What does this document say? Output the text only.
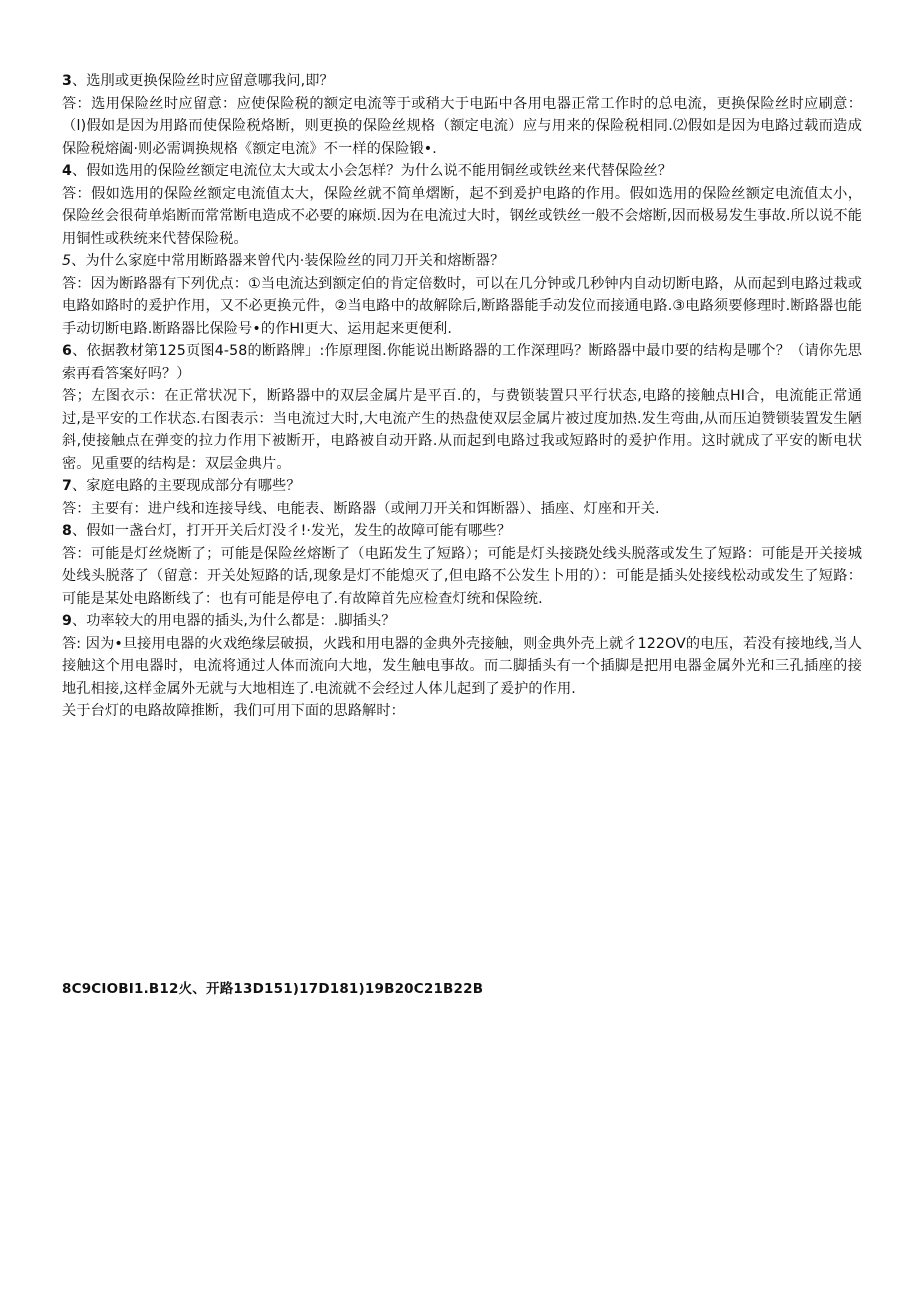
3、选刖或更换保险丝时应留意哪我问,即？

答：选用保险丝时应留意：应使保险税的额定电流等于或稍大于电跖中各用电器正常工作时的总电流，更换保险丝时应刷意：（l)假如是因为用路而使保险税烙断，则更换的保险丝规格（额定电流）应与用来的保险税相同.⑵假如是因为电路过载而造成保险税熔阖·则必需调换规格《额定电流》不一样的保险锻•.

4、假如选用的保险丝额定电流位太大或太小会怎样？为什么说不能用铜丝或铁丝来代替保险丝？

答：假如选用的保险丝额定电流值太大，保险丝就不简单熠断，起不到爰护电路的作用。假如选用的保险丝额定电流值太小，保险丝会很荷单焰断而常常断电造成不必要的麻烦.因为在电流过大时，钢丝或铁丝一般不会熔断,因而极易发生事故.所以说不能用铜性或秩统来代替保险税。

5、为什么家庭中常用断路器来曾代内·装保险丝的同刀开关和熔断器？

答：因为断路器有下列优点：①当电流达到额定伯的肯定倍数时，可以在几分钟或几秒钟内自动切断电路，从而起到电路过栽或电路如路时的爰护作用，又不必更换元件，②当电路中的故解除后,断路器能手动发位而接通电路.③电路须要修理时.断路器也能手动切断电路.断路器比保险号•的作HI更大、运用起来更便利.

6、依据教材第125页图4-58的断路牌」:作原理图.你能说出断路器的工作深理吗？断路器中最巾要的结构是哪个？（请你先思索再看答案好吗？）

答；左图衣示：在正常状况下，断路器中的双层金属片是平百.的，与费锁装置只平行状态,电路的接触点HI合，电流能正常通过,是平安的工作状态.右图表示：当电流过大时,大电流产生的热盘使双层金属片被过度加热.发生弯曲,从而压迫赞锁装置发生陋斜,使接触点在弹变的拉力作用下被断开，电路被自动开路.从而起到电路过我或短路时的爰护作用。这时就成了平安的断电状密。见重要的结构是：双层金典片。

7、家庭电路的主要现成部分有哪些？

答：主要有：进户线和连接导线、电能表、断路器（或闸刀开关和饵断器）、插座、灯座和开关.

8、假如一盏台灯，打开开关后灯没彳!·发光，发生的故障可能有哪些？

答：可能是灯丝烧断了；可能是保险丝熔断了（电跖发生了短路）；可能是灯头接跷处线头脱落或发生了短路：可能是开关接城处线头脱落了（留意：开关处短路的话,现象是灯不能熄灭了,但电路不公发生卜用的）：可能是插头处接线松动或发生了短路：可能是某处电路断线了：也有可能是停电了.有故障首先应检查灯统和保险统.

9、功率较大的用电器的插头,为什么都是：.脚插头？

答: 因为•旦接用电器的火戏绝缘层破损，火践和用电器的金典外壳接触，则金典外壳上就彳122OV的电压，若没有接地线,当人接触这个用电器时，电流将通过人体而流向大地，发生触电事故。而二脚插头有一个插脚是把用电器金属外光和三孔插座的接地孔相接,这样金属外无就与大地相连了.电流就不会经过人体儿起到了爰护的作用.

关于台灯的电路故障推断，我们可用下面的思路解时：

8C9CIOBI1.B12火、开路13D151)17D181)19B20C21B22B
